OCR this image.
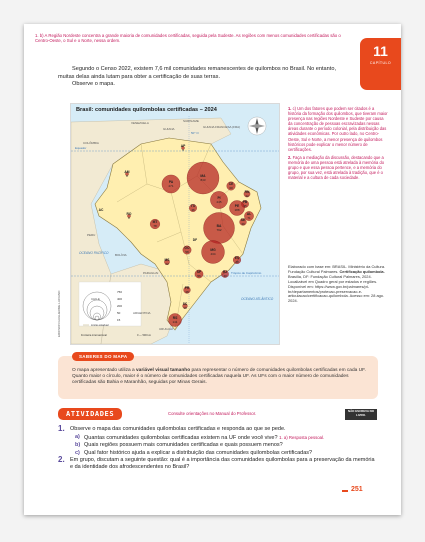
1. b) A Região Nordeste concentra a grande maioria de comunidades certificadas, seguida pela Sudeste. As regiões com menos comunidades certificadas são o Centro-Oeste, o Sul e o Norte, nessa ordem.
11
CAPÍTULO

Segundo o Censo 2022, existem 7,6 mil comunidades remanescentes de quilombos no Brasil. No entanto, muitas delas ainda lutam para obter a certificação de suas terras.

Observe o mapa.

AP
4
AM
8
PA
271
MA
843
PI
245
CE
60
RN
32
PB
45
PE
188
AL
71
SE
39
BA
792
TO
46
RO
8
AC
MT
78
GO
58
DF
MS
22
MG
434
ES
48
RJ
43
SP
56
PR
38
SC
19
RS
141
750
400
200
50
15
Limite estadual
Fronteira internacional	0 — 500 km
VENEZUELA	SURINAME
GUIANA FRANCESA (FRA)
GUIANA
COLÔMBIA
PERU
BOLÍVIA
CHILE
PARAGUAI
ARGENTINA
URUGUAI
OCEANO ATLÂNTICO
OCEANO PACÍFICO
Equador
Trópico de Capricórnio
50° O
Brasil: comunidades quilombolas certificadas – 2024
ERICSON GUILHERME LUCIANO

1. c) Um dos fatores que podem ser citados é a história da formação dos quilombos, que tiveram maior presença nas regiões Nordeste e Sudeste por causa da concentração de pessoas escravizadas nessas áreas durante o período colonial, pela distribuição das atividades econômicas. Por outro lado, no Centro-Oeste, Sul e Norte, a menor presença de quilombos históricos pode explicar o menor número de certificações.

2. Faça a mediação da discussão, destacando que a memória de uma pessoa está atrelada à memória do grupo e que essa pessoa pertence, e a memória do grupo, por sua vez, está atrelada à tradição, que é o material e a cultura de cada sociedade.

Elaborado com base em: BRASIL. Ministério da Cultura. Fundação Cultural Palmares. Certificação quilombola. Brasília, DF: Fundação Cultural Palmares, 2024. Localizável em Quadro geral por estados e regiões. Disponível em: https://www.gov.br/palmares/pt-br/departamentos/protecao-preservacao-e-articulacao/certificacao-quilombola. Acesso em: 28 ago. 2024.
SABERES DO MAPA
O mapa apresentado utiliza a variável visual tamanho para representar o número de comunidades quilombolas certificadas em cada UF. Quanto maior o círculo, maior é o número de comunidades certificadas naquela UF. As UFs com o maior número de comunidades certificadas são Bahia e Maranhão, seguidas por Minas Gerais.
ATIVIDADES	Consulte orientações no Manual do Professor.	NÃO ESCREVA NO LIVRO.
1. Observe o mapa das comunidades quilombolas certificadas e responda ao que se pede.
a) Quantas comunidades quilombolas certificadas existem na UF onde você vive? 1. a) Resposta pessoal.
b) Quais regiões possuem mais comunidades certificadas e quais possuem menos?
c) Qual fator histórico ajuda a explicar a distribuição das comunidades quilombolas certificadas?
2. Em grupo, discutam a seguinte questão: qual é a importância das comunidades quilombolas para a preservação da memória e da identidade dos afrodescendentes no Brasil?
251
